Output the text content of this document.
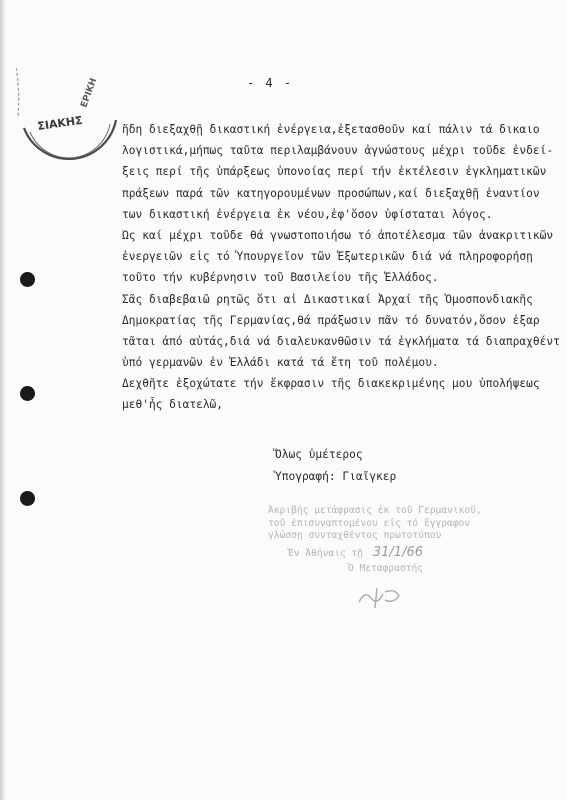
ΣΙΑΚΗΣ
ΕΡΙΚΗ	- 4 -
ἤδη διεξαχθῇ δικαστική ἐνέργεια,ἐξετασθοῦν καί πάλιν τά δικαιο
λογιστικά,μήπως ταῦτα περιλαμβάνουν ἀγνώστους μέχρι τοῦδε ἐνδεί-
ξεις περί τῆς ὑπάρξεως ὑπονοίας περί τήν ἐκτέλεσιν ἐγκληματικῶν
πράξεων παρά τῶν κατηγορουμένων προσώπων,καί διεξαχθῇ ἐναντίον
των δικαστική ἐνέργεια ἐκ νέου,ἐφ'ὅσον ὑφίσταται λόγος.
Ὡς καί μέχρι τοῦδε θά γνωστοποιήσω τό ἀποτέλεσμα τῶν ἀνακριτικῶν
ἐνεργειῶν εἰς τό Ὑπουργεῖον τῶν Ἐξωτερικῶν διά νά πληροφορήσῃ
τοῦτο τήν κυβέρνησιν τοῦ Βασιλείου τῆς Ἑλλάδος.
Σᾶς διαβεβαιῶ ρητῶς ὅτι αἱ Δικαστικαί Ἀρχαί τῆς Ὁμοσπονδιακῆς
Δημοκρατίας τῆς Γερμανίας,θά πράξωσιν πᾶν τό δυνατόν,ὅσον ἐξαρ
τᾶται ἀπό αὐτάς,διά νά διαλευκανθῶσιν τά ἐγκλήματα τά διαπραχθέντ
ὑπό γερμανῶν ἐν Ἑλλάδι κατά τά ἔτη τοῦ πολέμου.
Δεχθῆτε ἐξοχώτατε τήν ἔκφρασιν τῆς διακεκριμένης μου ὑπολήψεως
μεθ'ἧς διατελῶ,
Ὅλως ὑμέτερος
Ὑπογραφή: Γιαῖγκερ
Ἀκριβής μετάφρασις ἐκ τοῦ Γερμανικοῦ,
τοῦ ἐπισυναπτομένου εἰς τό ἔγγραφον
γλώσσῃ συνταχθέντος πρωτοτύπου
Ἐν Ἀθήναις τῇ 31/1/66
Ὁ Μεταφραστής
